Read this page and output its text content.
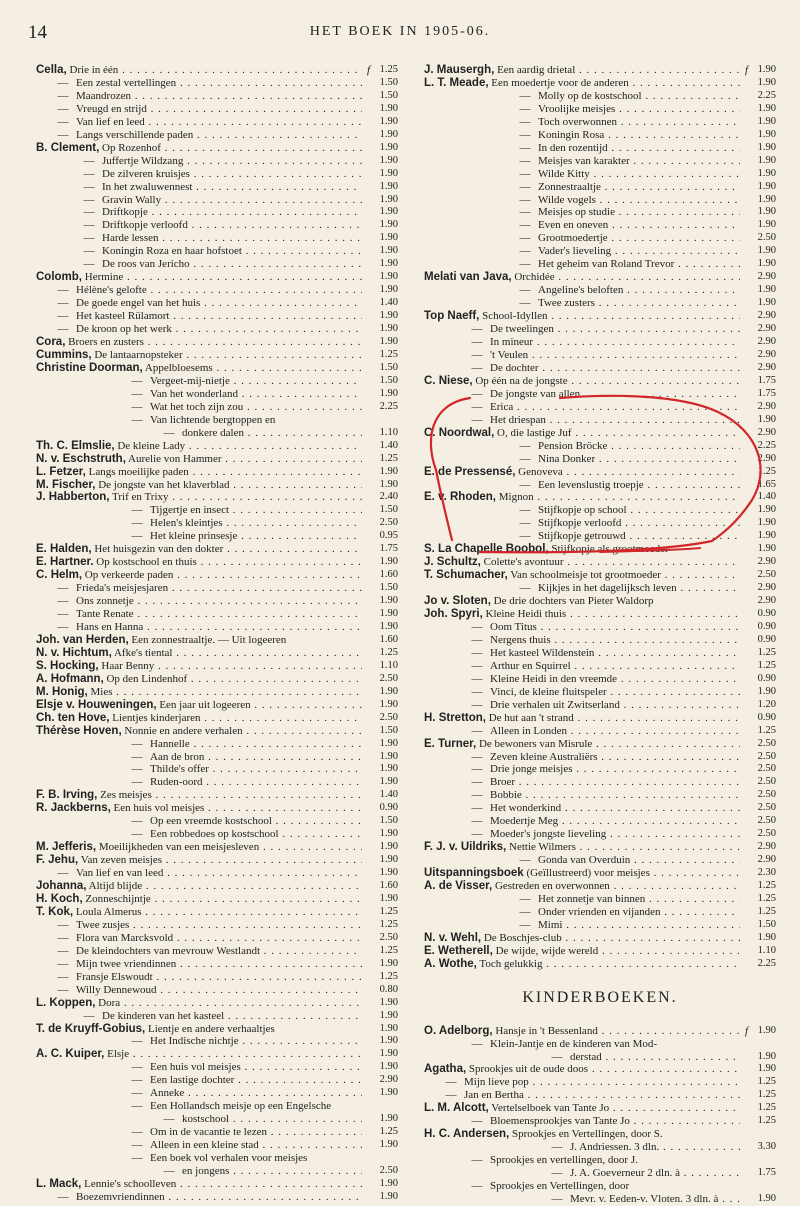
14	HET BOEK IN 1905-06.
Cella, Drie in één . . .	f 1.25
— Een zestal vertellingen . . .	1.50
— Maandrozen . . .	1.50
— Vreugd en strijd . . .	1.90
— Van lief en leed . . .	1.90
— Langs verschillende paden . . .	1.90
B. Clement, Op Rozenhof . . .	1.90
— Juffertje Wildzang . . .	1.90
— De zilveren kruisjes . . .	1.90
— In het zwaluwennest . . .	1.90
— Gravin Wally . . .	1.90
— Driftkopje . . .	1.90
— Driftkopje verloofd . . .	1.90
— Harde lessen . . .	1.90
— Koningin Roza en haar hofstoet . . .	1.90
— De roos van Jericho . . .	1.90
Colomb, Hermine . . .	1.90
— Hélène's gelofte . . .	1.90
— De goede engel van het huis . . .	1.40
— Het kasteel Rülamort . . .	1.90
— De kroon op het werk . . .	1.90
Cora, Broers en zusters . . .	1.90
Cummins, De lantaarnopsteker . . .	1.25
Christine Doorman, Appelbloesems . . .	1.50
— Vergeet-mij-nietje . . .	1.50
— Van het wonderland . . .	1.90
— Wat het toch zijn zou . . .	2.25
— Van lichtende bergtoppen en
— donkere dalen . . .	1.10
Th. C. Elmslie, De kleine Lady . . .	1.40
N. v. Eschstruth, Aurelie von Hammer . . .	1.25
L. Fetzer, Langs moeilijke paden . . .	1.90
M. Fischer, De jongste van het klaverblad . . .	1.90
J. Habberton, Trif en Trixy . . .	2.40
— Tijgertje en insect . . .	1.50
— Helen's kleintjes . . .	2.50
— Het kleine prinsesje . . .	0.95
E. Halden, Het huisgezin van den dokter . . .	1.75
E. Hartner. Op kostschool en thuis . . .	1.90
C. Helm, Op verkeerde paden . . .	1.60
— Frieda's meisjesjaren . . .	1.50
— Ons zonnetje . . .	1.90
— Tante Renate . . .	1.90
— Hans en Hanna . . .	1.90
Joh. van Herden, Een zonnestraaltje. — Uit logeeren	1.60
N. v. Hichtum, Afke's tiental . . .	1.25
S. Hocking, Haar Benny . . .	1.10
A. Hofmann, Op den Lindenhof . . .	2.50
M. Honig, Mies . . .	1.90
Elsje v. Houweningen, Een jaar uit logeeren . . .	1.90
Ch. ten Hove, Lientjes kinderjaren . . .	2.50
Thérèse Hoven, Nonnie en andere verhalen . . .	1.50
— Hannelle . . .	1.90
— Aan de bron . . .	1.90
— Thilde's offer . . .	1.90
— Ruden-oord . . .	1.90
F. B. Irving, Zes meisjes . . .	1.40
R. Jackberns, Een huis vol meisjes . . .	0.90
— Op een vreemde kostschool . . .	1.50
— Een robbedoes op kostschool . . .	1.90
M. Jefferis, Moeilijkheden van een meisjesleven . . .	1.90
F. Jehu, Van zeven meisjes . . .	1.90
— Van lief en van leed . . .	1.90
Johanna, Altijd blijde . . .	1.60
H. Koch, Zonneschijntje . . .	1.90
T. Kok, Loula Almerus . . .	1.25
— Twee zusjes . . .	1.25
— Flora van Marcksvold . . .	2.50
— De kleindochters van mevrouw Westlandt . . .	1.25
— Mijn twee vriendinnen . . .	1.90
— Fransje Elswoudt . . .	1.25
— Willy Dennewoud . . .	0.80
L. Koppen, Dora . . .	1.90
— De kinderen van het kasteel . . .	1.90
T. de Kruyff-Gobius, Lientje en andere verhaaltjes	1.90
— Het Indische nichtje . . .	1.90
A. C. Kuiper, Elsje . . .	1.90
— Een huis vol meisjes . . .	1.90
— Een lastige dochter . . .	2.90
— Anneke . . .	1.90
— Een Hollandsch meisje op een Engelsche
— kostschool . . .	1.90
— Om in de vacantie te lezen . . .	1.25
— Alleen in een kleine stad . . .	1.90
— Een boek vol verhalen voor meisjes
— en jongens . . .	2.50
L. Mack, Lennie's schoolleven . . .	1.90
— Boezemvriendinnen . . .	1.90
J. Mausergh, Een aardig drietal . . .	f 1.90
L. T. Meade, Een moedertje voor de anderen . . .	1.90
— Molly op de kostschool . . .	2.25
— Vroolijke meisjes . . .	1.90
— Toch overwonnen . . .	1.90
— Koningin Rosa . . .	1.90
— In den rozentijd . . .	1.90
— Meisjes van karakter . . .	1.90
— Wilde Kitty . . .	1.90
— Zonnestraaltje . . .	1.90
— Wilde vogels . . .	1.90
— Meisjes op studie . . .	1.90
— Even en oneven . . .	1.90
— Grootmoedertje . . .	2.50
— Vader's lieveling . . .	1.90
— Het geheim van Roland Trevor . . .	1.90
Melati van Java, Orchidée . . .	2.90
— Angeline's beloften . . .	1.90
— Twee zusters . . .	1.90
Top Naeff, School-Idyllen . . .	2.90
— De tweelingen . . .	2.90
— In mineur . . .	2.90
— 't Veulen . . .	2.90
— De dochter . . .	2.90
C. Niese, Op één na de jongste . . .	1.75
— De jongste van allen . . .	1.75
— Erica . . .	2.90
— Het driespan . . .	1.90
C. Noordwal, O, die lastige Juf . . .	2.90
— Pension Bröcke . . .	2.25
— Nina Donker . . .	2.90
E. de Pressensé, Genoveva . . .	1.25
— Een levenslustig troepje . . .	1.65
E. v. Rhoden, Mignon . . .	1.40
— Stijfkopje op school . . .	1.90
— Stijfkopje verloofd . . .	1.90
— Stijfkopje getrouwd . . .	1.90
S. La Chapelle Boobol, Stijfkopje als grootmoeder	1.90
J. Schultz, Colette's avontuur . . .	2.90
T. Schumacher, Van schoolmeisje tot grootmoeder . . .	2.50
— Kijkjes in het dagelijksch leven . . .	2.90
Jo v. Sloten, De drie dochters van Pieter Waldorp	2.90
Joh. Spyri, Kleine Heidi thuis . . .	0.90
— Oom Titus . . .	0.90
— Nergens thuis . . .	0.90
— Het kasteel Wildenstein . . .	1.25
— Arthur en Squirrel . . .	1.25
— Kleine Heidi in den vreemde . . .	0.90
— Vinci, de kleine fluitspeler . . .	1.90
— Drie verhalen uit Zwitserland . . .	1.20
H. Stretton, De hut aan 't strand . . .	0.90
— Alleen in Londen . . .	1.25
E. Turner, De bewoners van Misrule . . .	2.50
— Zeven kleine Australiërs . . .	2.50
— Drie jonge meisjes . . .	2.50
— Broer . . .	2.50
— Bobbie . . .	2.50
— Het wonderkind . . .	2.50
— Moedertje Meg . . .	2.50
— Moeder's jongste lieveling . . .	2.50
F. J. v. Uildriks, Nettie Wilmers . . .	2.90
— Gonda van Overduin . . .	2.90
Uitspanningsboek (Geïllustreerd) voor meisjes . . .	2.30
A. de Visser, Gestreden en overwonnen . . .	1.25
— Het zonnetje van binnen . . .	1.25
— Onder vrienden en vijanden . . .	1.25
— Mimi . . .	1.50
N. v. Wehl, De Boschjes-club . . .	1.90
E. Wetherell, De wijde, wijde wereld . . .	1.10
A. Wothe, Toch gelukkig . . .	2.25
KINDERBOEKEN.
O. Adelborg, Hansje in 't Bessenland . . .	f 1.90
— Klein-Jantje en de kinderen van Mod-
— derstad . . .	1.90
Agatha, Sprookjes uit de oude doos . . .	1.90
— Mijn lieve pop . . .	1.25
— Jan en Bertha . . .	1.25
L. M. Alcott, Vertelselboek van Tante Jo . . .	1.25
— Bloemensprookjes van Tante Jo . . .	1.25
H. C. Andersen, Sprookjes en Vertellingen, door S.
— J. Andriessen. 3 dln. . . .	3.30
— Sprookjes en vertellingen, door J.
— J. A. Goeverneur 2 dln. à . . .	1.75
— Sprookjes en Vertellingen, door
— Mevr. v. Eeden-v. Vloten. 3 dln. à . . .	1.90
